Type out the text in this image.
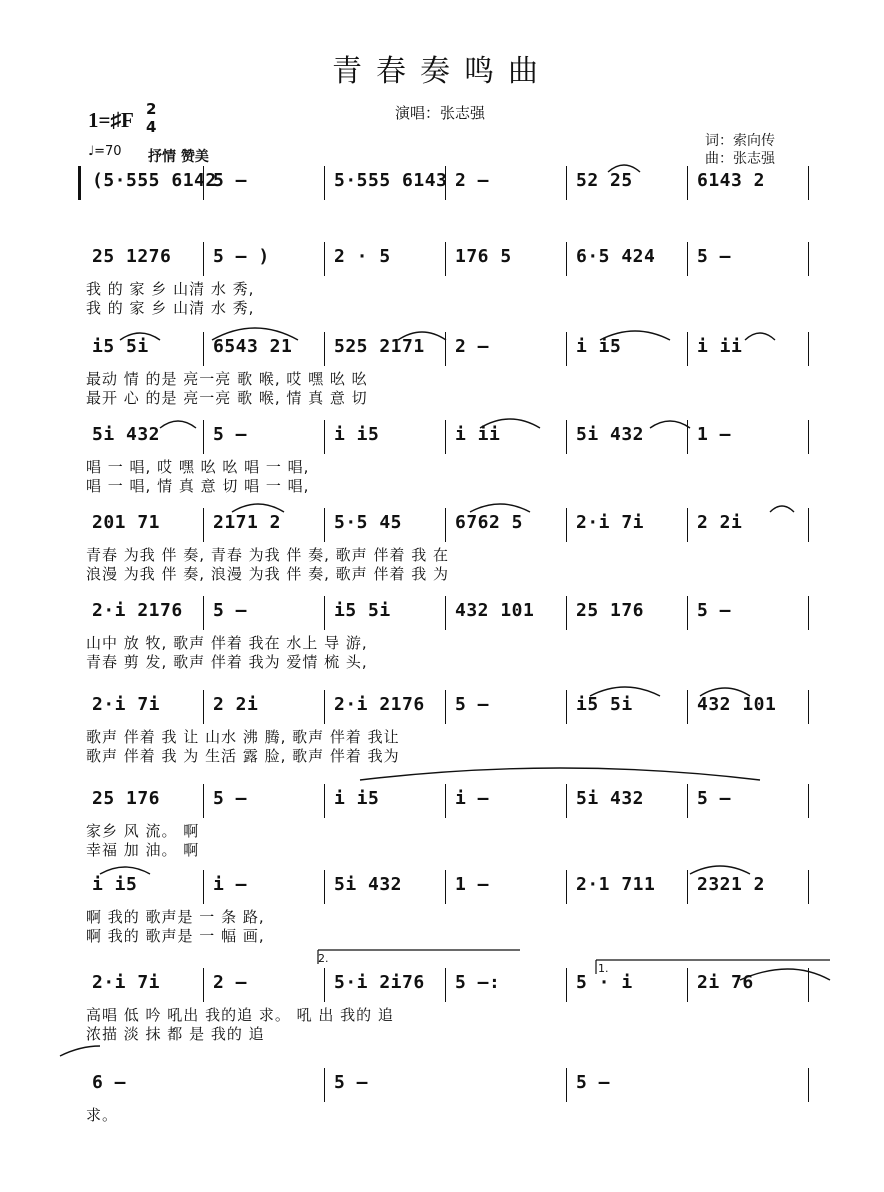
青春奏鸣曲
1=♯F 2
4
演唱：张志强
词：索向传
曲：张志强
♩=70 抒情 赞美
(5·555 6142
5 –	5·555 6143 2 –	52 25	6143 2
25 1276 5 – )	2 · 5	176 5	6·5 424 5 –
我 的 家 乡 山清 水 秀,
我 的 家 乡 山清 水 秀,
i5 5i	6543 21 525 2171 2 –	i i5	i ii
最动 情 的是 亮一亮 歌 喉, 哎 嘿 吆 吆
最开 心 的是 亮一亮 歌 喉, 情 真 意 切
5i 432	5 –	i i5	i ii	5i 432	1 –
唱 一 唱, 哎 嘿 吆 吆 唱 一 唱,
唱 一 唱, 情 真 意 切 唱 一 唱,
201 71	2171 2	5·5 45	6762 5	2·i 7i	2 2i
青春 为我 伴 奏, 青春 为我 伴 奏, 歌声 伴着 我 在
浪漫 为我 伴 奏, 浪漫 为我 伴 奏, 歌声 伴着 我 为
2·i 2176 5 –	i5 5i	432 101 25 176	5 –
山中 放 牧, 歌声 伴着 我在 水上 导 游,
青春 剪 发, 歌声 伴着 我为 爱情 梳 头,
2·i 7i	2 2i	2·i 2176 5 –	i5 5i	432 101
歌声 伴着 我 让 山水 沸 腾, 歌声 伴着 我让
歌声 伴着 我 为 生活 露 脸, 歌声 伴着 我为
25 176	5 –	i i5	i –	5i 432	5 –
家乡 风 流。 啊
幸福 加 油。 啊
i i5	i –	5i 432	1 –	2·1 711 2321 2
啊 我的 歌声是 一 条 路,
啊 我的 歌声是 一 幅 画,
2·i 7i	2 –	5·i 2i76 5 –:	5 · i	2i 76
高唱 低 吟 吼出 我的追 求。 吼 出 我的 追
浓描 淡 抹 都 是 我的 追
6 –	5 –	5 –
求。
2.
1.
